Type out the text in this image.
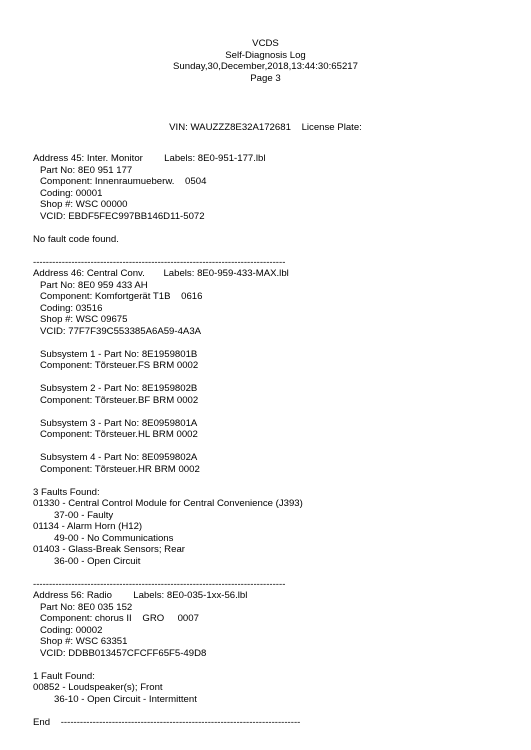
VCDS
Self-Diagnosis Log
Sunday,30,December,2018,13:44:30:65217
Page 3
VIN: WAUZZZ8E32A172681    License Plate:
Address 45: Inter. Monitor        Labels: 8E0-951-177.lbl
Part No: 8E0 951 177
Component: Innenraumueberw.    0504
Coding: 00001
Shop #: WSC 00000
VCID: EBDF5FEC997BB146D11-5072
No fault code found.
-------------------------------------------------------------------------------
Address 46: Central Conv.       Labels: 8E0-959-433-MAX.lbl
Part No: 8E0 959 433 AH
Component: Komfortgerät T1B    0616
Coding: 03516
Shop #: WSC 09675
VCID: 77F7F39C553385A6A59-4A3A
Subsystem 1 - Part No: 8E1959801B
Component: Tõrsteuer.FS BRM 0002
Subsystem 2 - Part No: 8E1959802B
Component: Tõrsteuer.BF BRM 0002
Subsystem 3 - Part No: 8E0959801A
Component: Tõrsteuer.HL BRM 0002
Subsystem 4 - Part No: 8E0959802A
Component: Tõrsteuer.HR BRM 0002
3 Faults Found:
01330 - Central Control Module for Central Convenience (J393)
37-00 - Faulty
01134 - Alarm Horn (H12)
49-00 - No Communications
01403 - Glass-Break Sensors; Rear
36-00 - Open Circuit
-------------------------------------------------------------------------------
Address 56: Radio        Labels: 8E0-035-1xx-56.lbl
Part No: 8E0 035 152
Component: chorus II    GRO     0007
Coding: 00002
Shop #: WSC 63351
VCID: DDBB013457CFCFF65F5-49D8
1 Fault Found:
00852 - Loudspeaker(s); Front
36-10 - Open Circuit - Intermittent
End    ---------------------------------------------------------------------------
